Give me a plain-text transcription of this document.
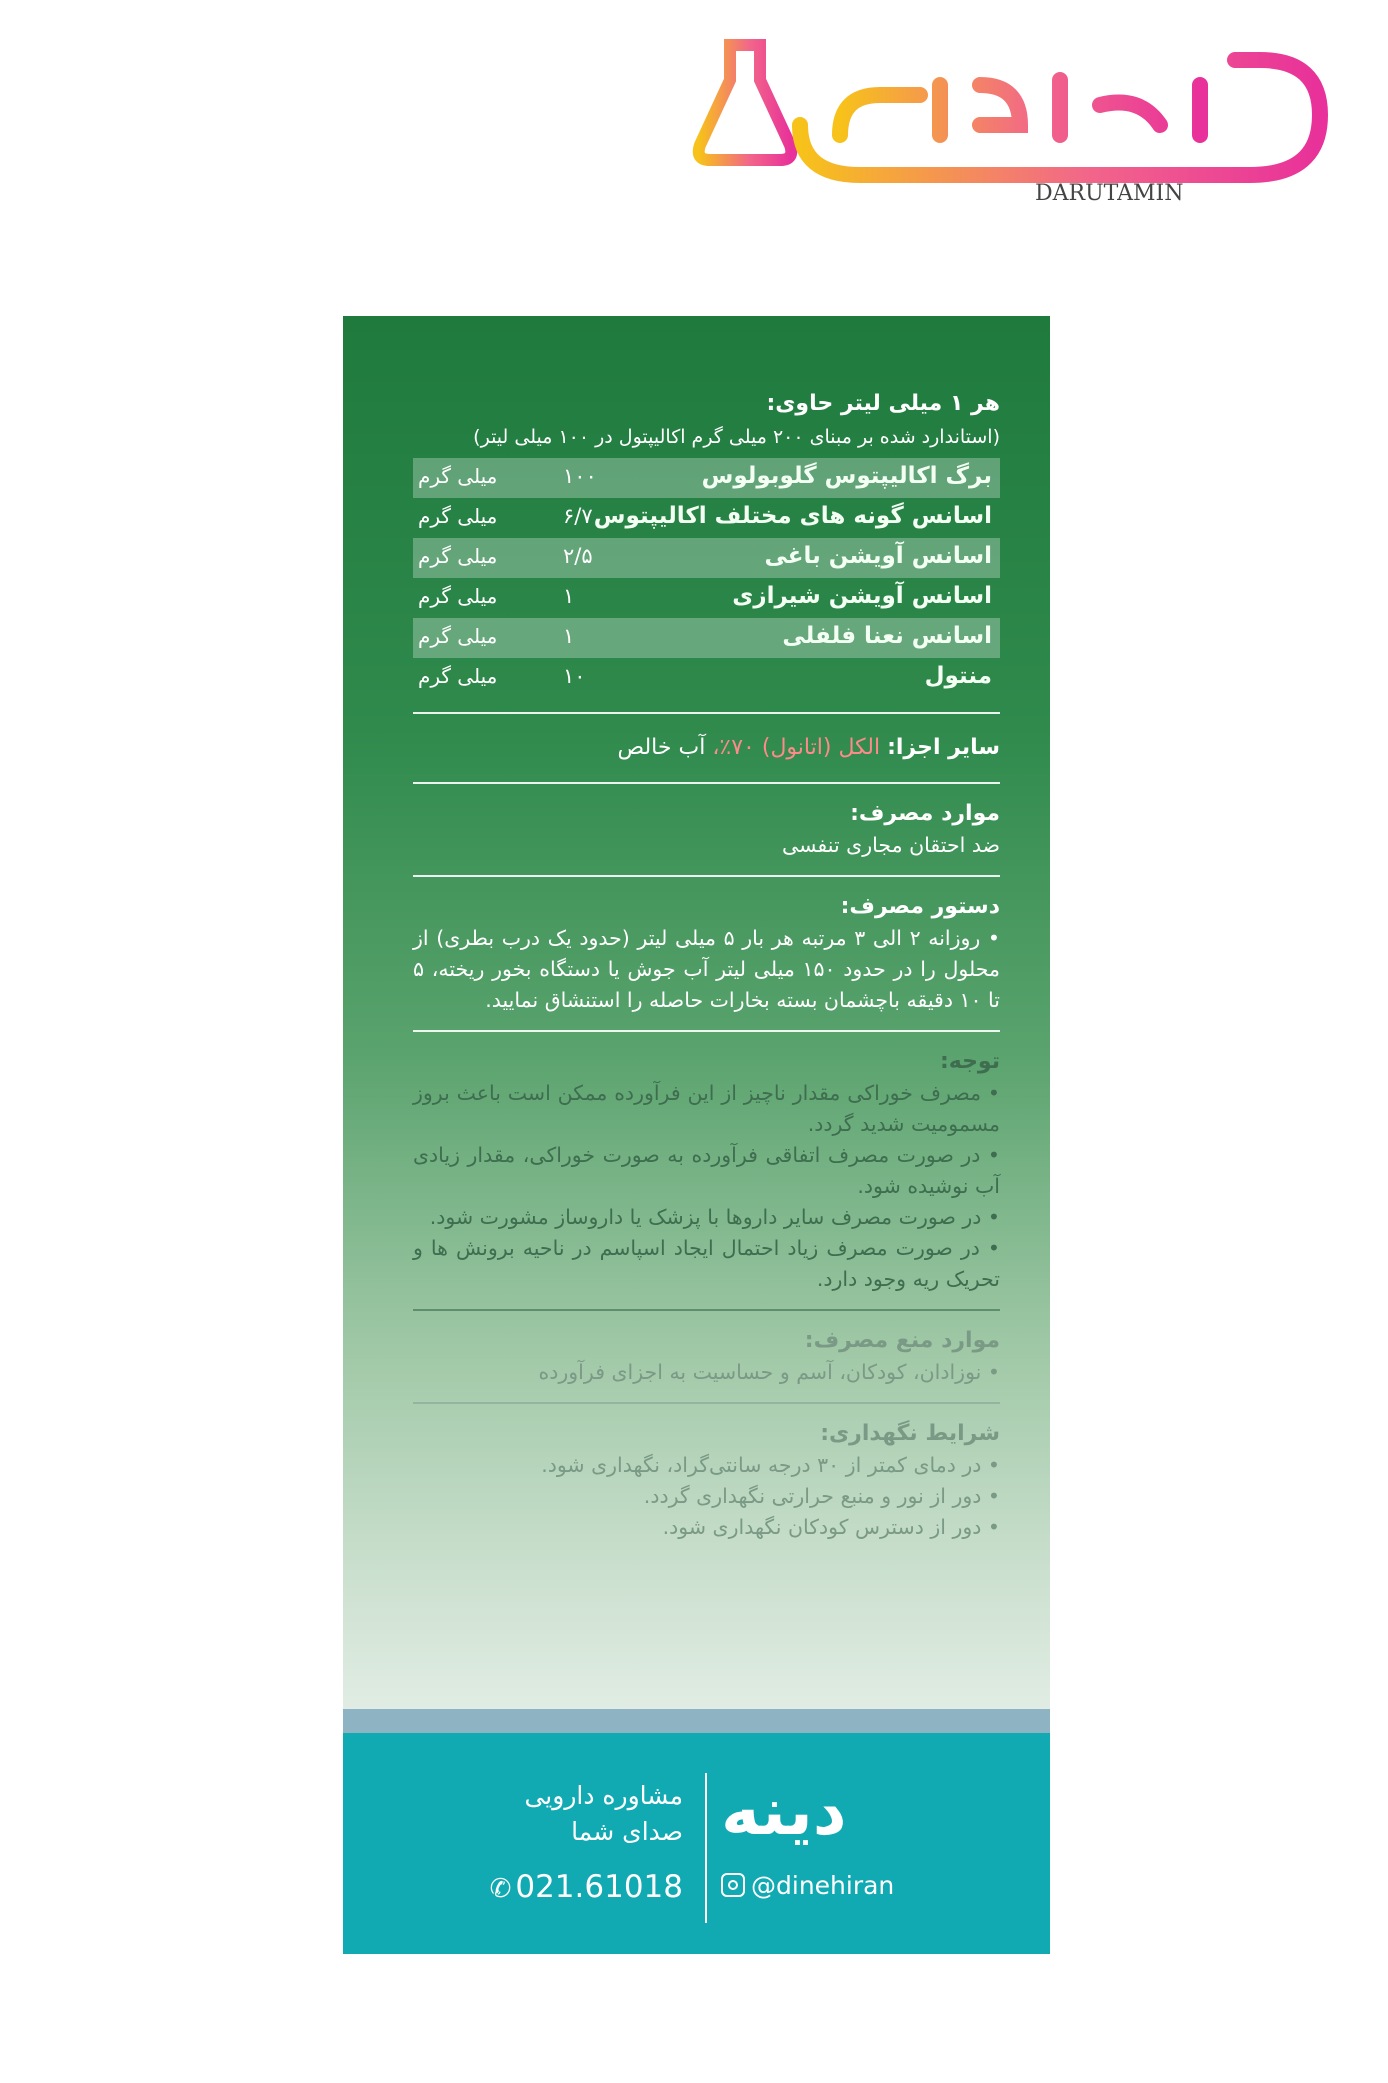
DARUTAMIN

هر ۱ میلی لیتر حاوی:

(استاندارد شده بر مبنای ۲۰۰ میلی گرم اکالیپتول در ۱۰۰ میلی لیتر)

برگ اکالیپتوس گلوبولوس
۱۰۰
میلی گرم
اسانس گونه های مختلف اکالیپتوس
۶/۷
میلی گرم
اسانس آویشن باغی
۲/۵
میلی گرم
اسانس آویشن شیرازی
۱
میلی گرم
اسانس نعنا فلفلی
۱
میلی گرم
منتول
۱۰
میلی گرم
سایر اجزا: الکل (اتانول) ۷۰٪، آب خالص
موارد مصرف:
ضد احتقان مجاری تنفسی
دستور مصرف:
• روزانه ۲ الی ۳ مرتبه هر بار ۵ میلی لیتر (حدود یک درب بطری) از محلول را در حدود ۱۵۰ میلی لیتر آب جوش یا دستگاه بخور ریخته، ۵ تا ۱۰ دقیقه باچشمان بسته بخارات حاصله را استنشاق نمایید.
توجه:

• مصرف خوراکی مقدار ناچیز از این فرآورده ممکن است باعث بروز مسمومیت شدید گردد.

• در صورت مصرف اتفاقی فرآورده به صورت خوراکی، مقدار زیادی آب نوشیده شود.

• در صورت مصرف سایر داروها با پزشک یا داروساز مشورت شود.

• در صورت مصرف زیاد احتمال ایجاد اسپاسم در ناحیه برونش ها و تحریک ریه وجود دارد.

موارد منع مصرف:
• نوزادان، کودکان، آسم و حساسیت به اجزای فرآورده
شرایط نگهداری:

• در دمای کمتر از ۳۰ درجه سانتی‌گراد، نگهداری شود.

• دور از نور و منبع حرارتی نگهداری گردد.

• دور از دسترس کودکان نگهداری شود.

دینه
@dinehiran
مشاوره دارویی
صدای شما
✆ 021.61018
